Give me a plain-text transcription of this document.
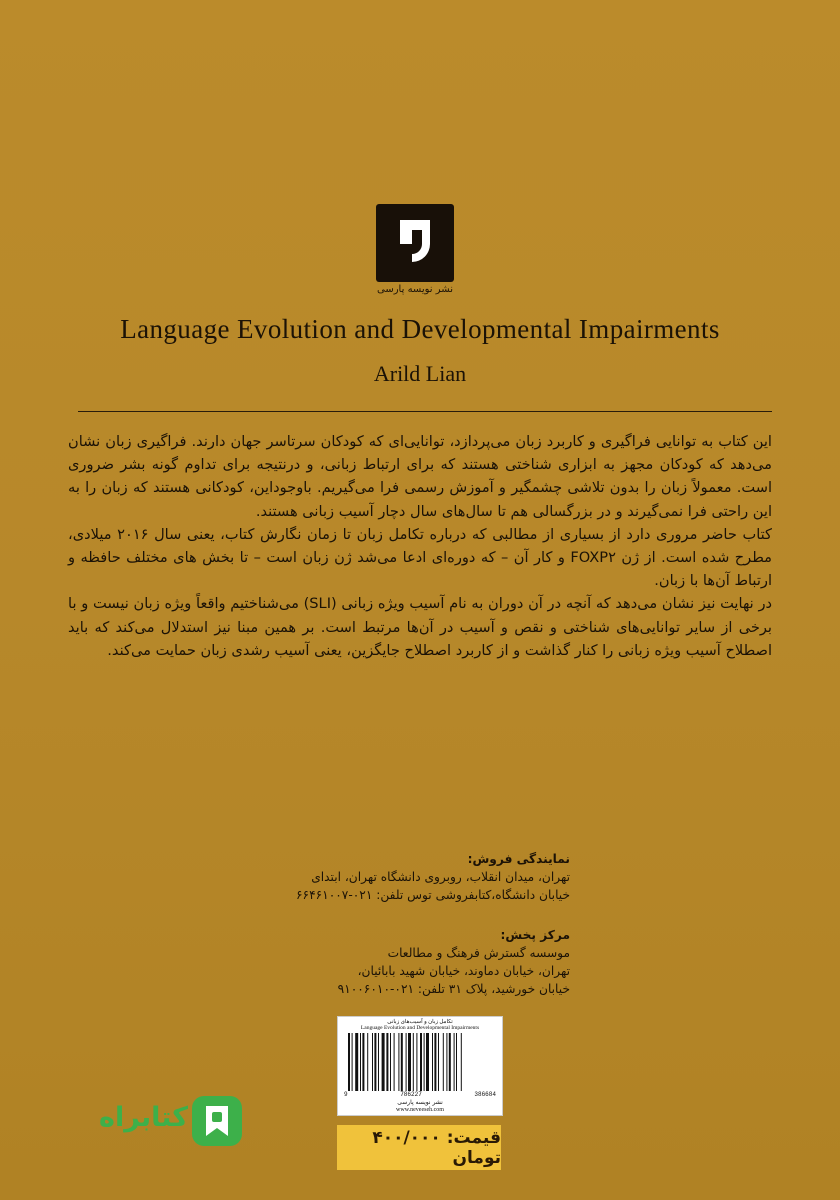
نشر نویسه پارسی
Language Evolution and Developmental Impairments
Arild Lian

این کتاب به توانایی فراگیری و کاربرد زبان می‌پردازد، توانایی‌ای که کودکان سرتاسر جهان دارند. فراگیری زبان نشان می‌دهد که کودکان مجهز به ابزاری شناختی هستند که برای ارتباط زبانی، و درنتیجه برای تداوم گونه بشر ضروری است. معمولاً زبان را بدون تلاشی چشمگیر و آموزش رسمی فرا می‌گیریم. باوجوداین، کودکانی هستند که زبان را به این راحتی فرا نمی‌گیرند و در بزرگسالی هم تا سال‌های سال دچار آسیب زبانی هستند.

کتاب حاضر مروری دارد از بسیاری از مطالبی که درباره تکامل زبان تا زمان نگارش کتاب، یعنی سال ۲۰۱۶ میلادی، مطرح شده است. از ژن FOXP۲ و کار آن – که دوره‌ای ادعا می‌شد ژن زبان است – تا بخش های مختلف حافظه و ارتباط آن‌ها با زبان.

در نهایت نیز نشان می‌دهد که آنچه در آن دوران به نام آسیب ویژه زبانی (SLI) می‌شناختیم واقعاً ویژه زبان نیست و با برخی از سایر توانایی‌های شناختی و نقص و آسیب در آن‌ها مرتبط است. بر همین مبنا نیز استدلال می‌کند که باید اصطلاح آسیب ویژه زبانی را کنار گذاشت و از کاربرد اصطلاح جایگزین، یعنی آسیب رشدی زبان حمایت می‌کند.

نمایندگی فروش:
تهران، میدان انقلاب، روبروی دانشگاه تهران، ابتدای
خیابان دانشگاه،کتابفروشی توس تلفن: ۰۲۱-۶۶۴۶۱۰۰۷
مرکز پخش:
موسسه گسترش فرهنگ و مطالعات
تهران، خیابان دماوند، خیابان شهید بابائیان،
خیابان خورشید، پلاک ۳۱ تلفن: ۰۲۱-۹۱۰۰۶۰۱۰
تکامل زبان و آسیب‌های زبانی
Language Evolution and Developmental Impairments
9	786227	386684
نشر نویسه پارسی
www.neveeseh.com
قیمت: ۴۰۰/۰۰۰ تومان
کتابراه
